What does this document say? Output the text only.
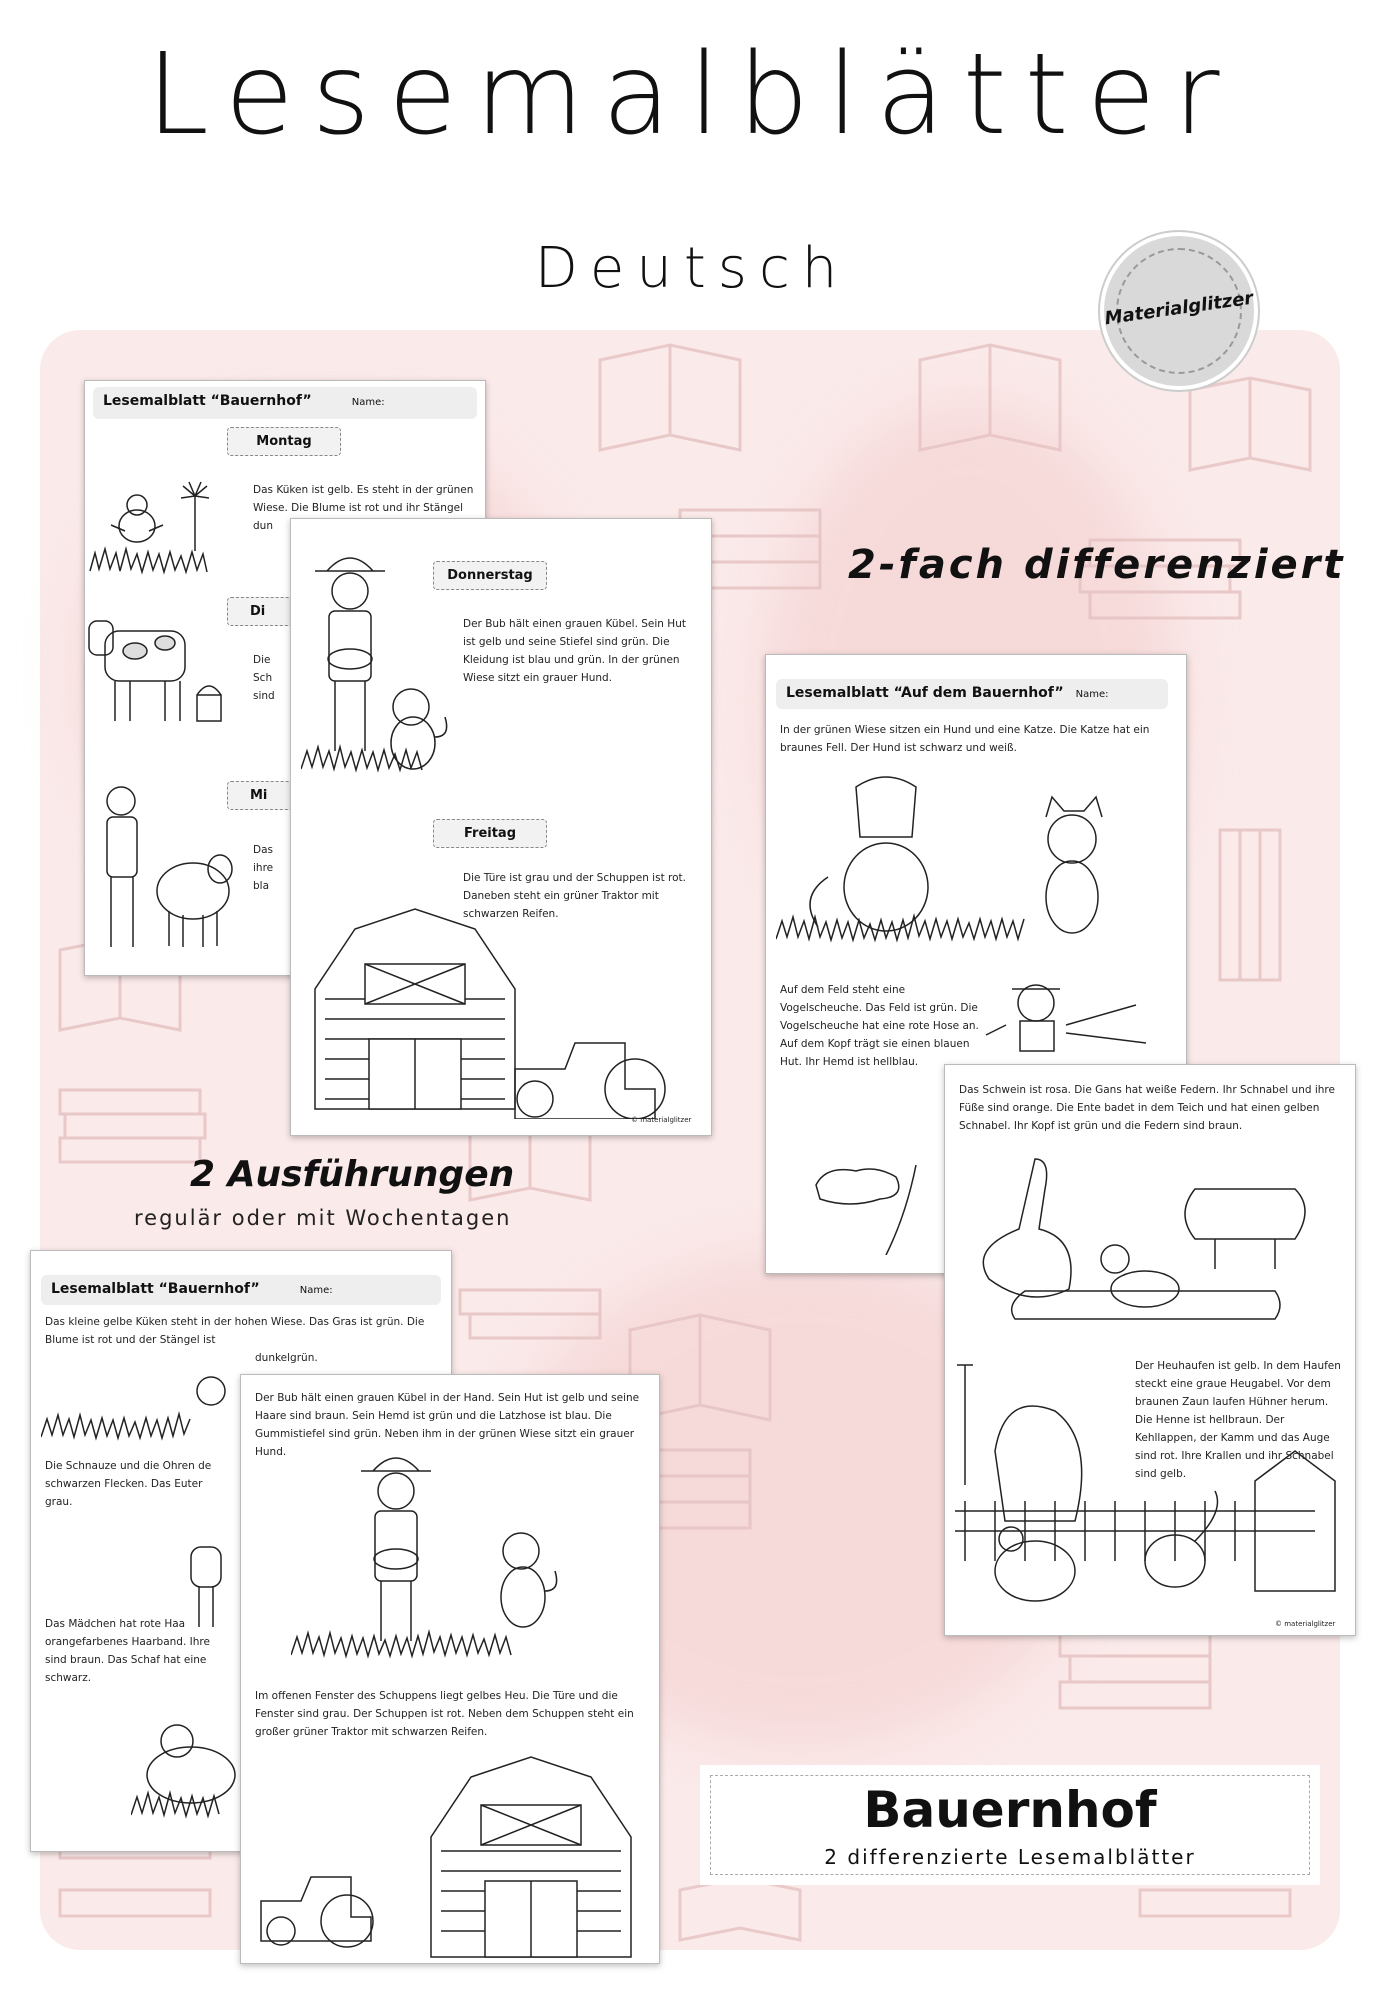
Lesemalblätter
Deutsch
Materialglitzer
Lesemalblatt “Bauernhof”	Name:
Montag
Das Küken ist gelb. Es steht in der grünen
Wiese. Die Blume ist rot und ihr Stängel
dun
Di
Mi
Die
Sch
sind
Das
ihre
bla
Donnerstag
Der Bub hält einen grauen Kübel. Sein Hut ist gelb und seine Stiefel sind grün. Die Kleidung ist blau und grün. In der grünen Wiese sitzt ein grauer Hund.
Freitag
Die Türe ist grau und der Schuppen ist rot. Daneben steht ein grüner Traktor mit schwarzen Reifen.
© materialglitzer
Lesemalblatt “Auf dem Bauernhof” Name:
In der grünen Wiese sitzen ein Hund und eine Katze. Die Katze hat ein braunes Fell. Der Hund ist schwarz und weiß.
Auf dem Feld steht eine Vogelscheuche. Das Feld ist grün. Die Vogelscheuche hat eine rote Hose an. Auf dem Kopf trägt sie einen blauen Hut. Ihr Hemd ist hellblau.
Das Schwein ist rosa. Die Gans hat weiße Federn. Ihr Schnabel und ihre Füße sind orange. Die Ente badet in dem Teich und hat einen gelben Schnabel. Ihr Kopf ist grün und die Federn sind braun.
Der Heuhaufen ist gelb. In dem Haufen steckt eine graue Heugabel. Vor dem braunen Zaun laufen Hühner herum. Die Henne ist hellbraun. Der Kehllappen, der Kamm und das Auge sind rot. Ihre Krallen und ihr Schnabel sind gelb.
© materialglitzer
Lesemalblatt “Bauernhof”	Name:
Das kleine gelbe Küken steht in der hohen Wiese. Das Gras ist grün. Die Blume ist rot und der Stängel ist
dunkelgrün.
Die Schnauze und die Ohren de
schwarzen Flecken. Das Euter
grau.
Das Mädchen hat rote Haa
orangefarbenes Haarband. Ihre
sind braun. Das Schaf hat eine
schwarz.
Der Bub hält einen grauen Kübel in der Hand. Sein Hut ist gelb und seine Haare sind braun. Sein Hemd ist grün und die Latzhose ist blau. Die Gummistiefel sind grün. Neben ihm in der grünen Wiese sitzt ein grauer Hund.
Im offenen Fenster des Schuppens liegt gelbes Heu. Die Türe und die Fenster sind grau. Der Schuppen ist rot. Neben dem Schuppen steht ein großer grüner Traktor mit schwarzen Reifen.
2-fach differenziert
2 Ausführungen
regulär oder mit Wochentagen
Bauernhof
2 differenzierte Lesemalblätter
